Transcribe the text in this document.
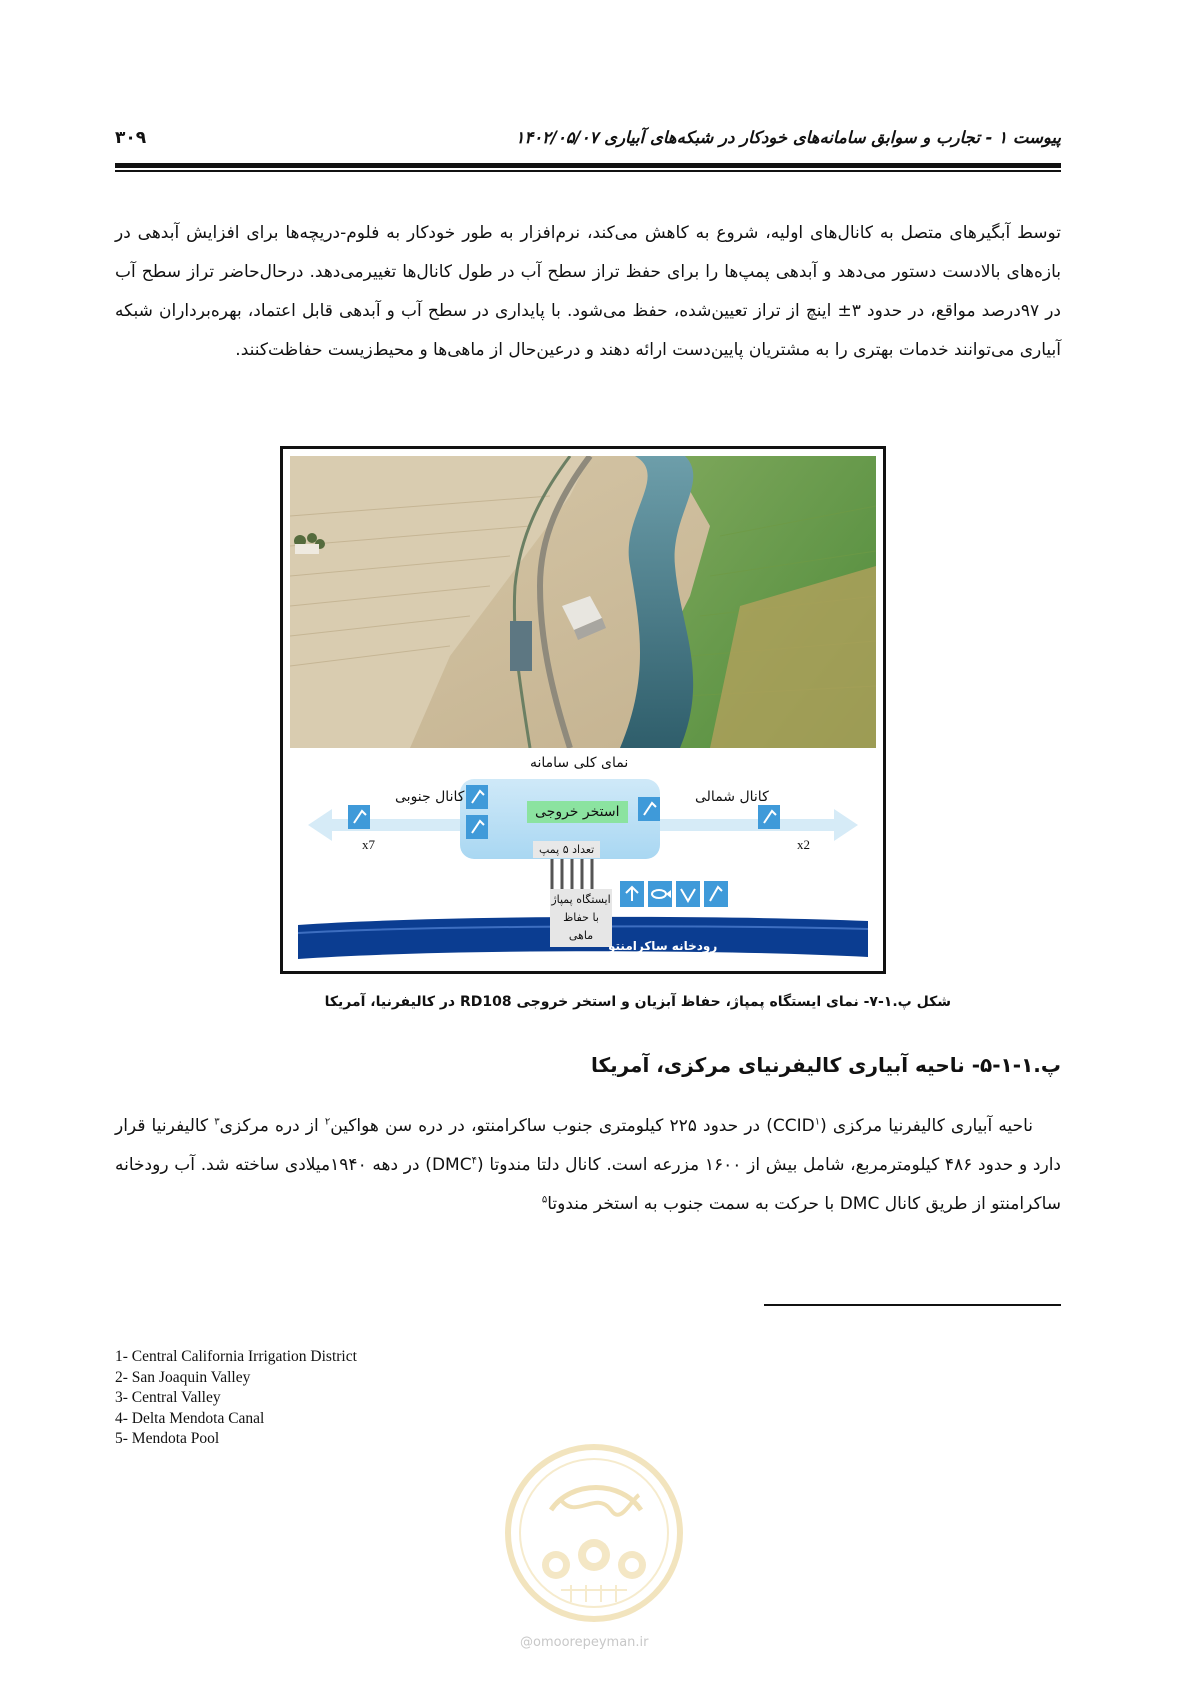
پیوست ۱ - تجارب و سوابق سامانه‌های خودکار در شبکه‌های آبیاری ۱۴۰۲/۰۵/۰۷
۳۰۹
توسط آبگیرهای متصل به کانال‌های اولیه، شروع به کاهش می‌کند، نرم‌افزار به طور خودکار به فلوم-دریچه‌ها برای افزایش آبدهی در بازه‌های بالادست دستور می‌دهد و آبدهی پمپ‌ها را برای حفظ تراز سطح آب در طول کانال‌ها تغییرمی‌دهد. درحال‌حاضر تراز سطح آب در ۹۷درصد مواقع، در حدود ۳± اینچ از تراز تعیین‌شده، حفظ می‌شود. با پایداری در سطح آب و آبدهی قابل اعتماد، بهره‌برداران شبکه آبیاری می‌توانند خدمات بهتری را به مشتریان پایین‌دست ارائه دهند و درعین‌حال از ماهی‌ها و محیط‌زیست حفاظت‌کنند.
نمای کلی سامانه
کانال جنوبی	کانال شمالی
استخر خروجی
x7	x2
تعداد ۵ پمپ
ایستگاه پمپاژ با حفاظ ماهی
رودخانه ساکرامنتو
شکل پ.۱-۷- نمای ایستگاه پمپاژ، حفاظ آبزیان و استخر خروجی RD108 در کالیفرنیا، آمریکا
پ.۱-۱-۵- ناحیه آبیاری کالیفرنیای مرکزی، آمریکا
ناحیه آبیاری کالیفرنیا مرکزی (CCID$^۱$) در حدود ۲۲۵ کیلومتری جنوب ساکرامنتو، در دره سن هواکین$^۲$ از دره مرکزی$^۳$ کالیفرنیا قرار دارد و حدود ۴۸۶ کیلومترمربع، شامل بیش از ۱۶۰۰ مزرعه است. کانال دلتا مندوتا (DMC$^۴$) در دهه ۱۹۴۰میلادی ساخته شد. آب رودخانه ساکرامنتو از طریق کانال DMC با حرکت به سمت جنوب به استخر مندوتا$^۵$
1- Central California Irrigation District
2- San Joaquin Valley
3- Central Valley
4- Delta Mendota Canal
5- Mendota Pool
@omoorepeyman.ir
